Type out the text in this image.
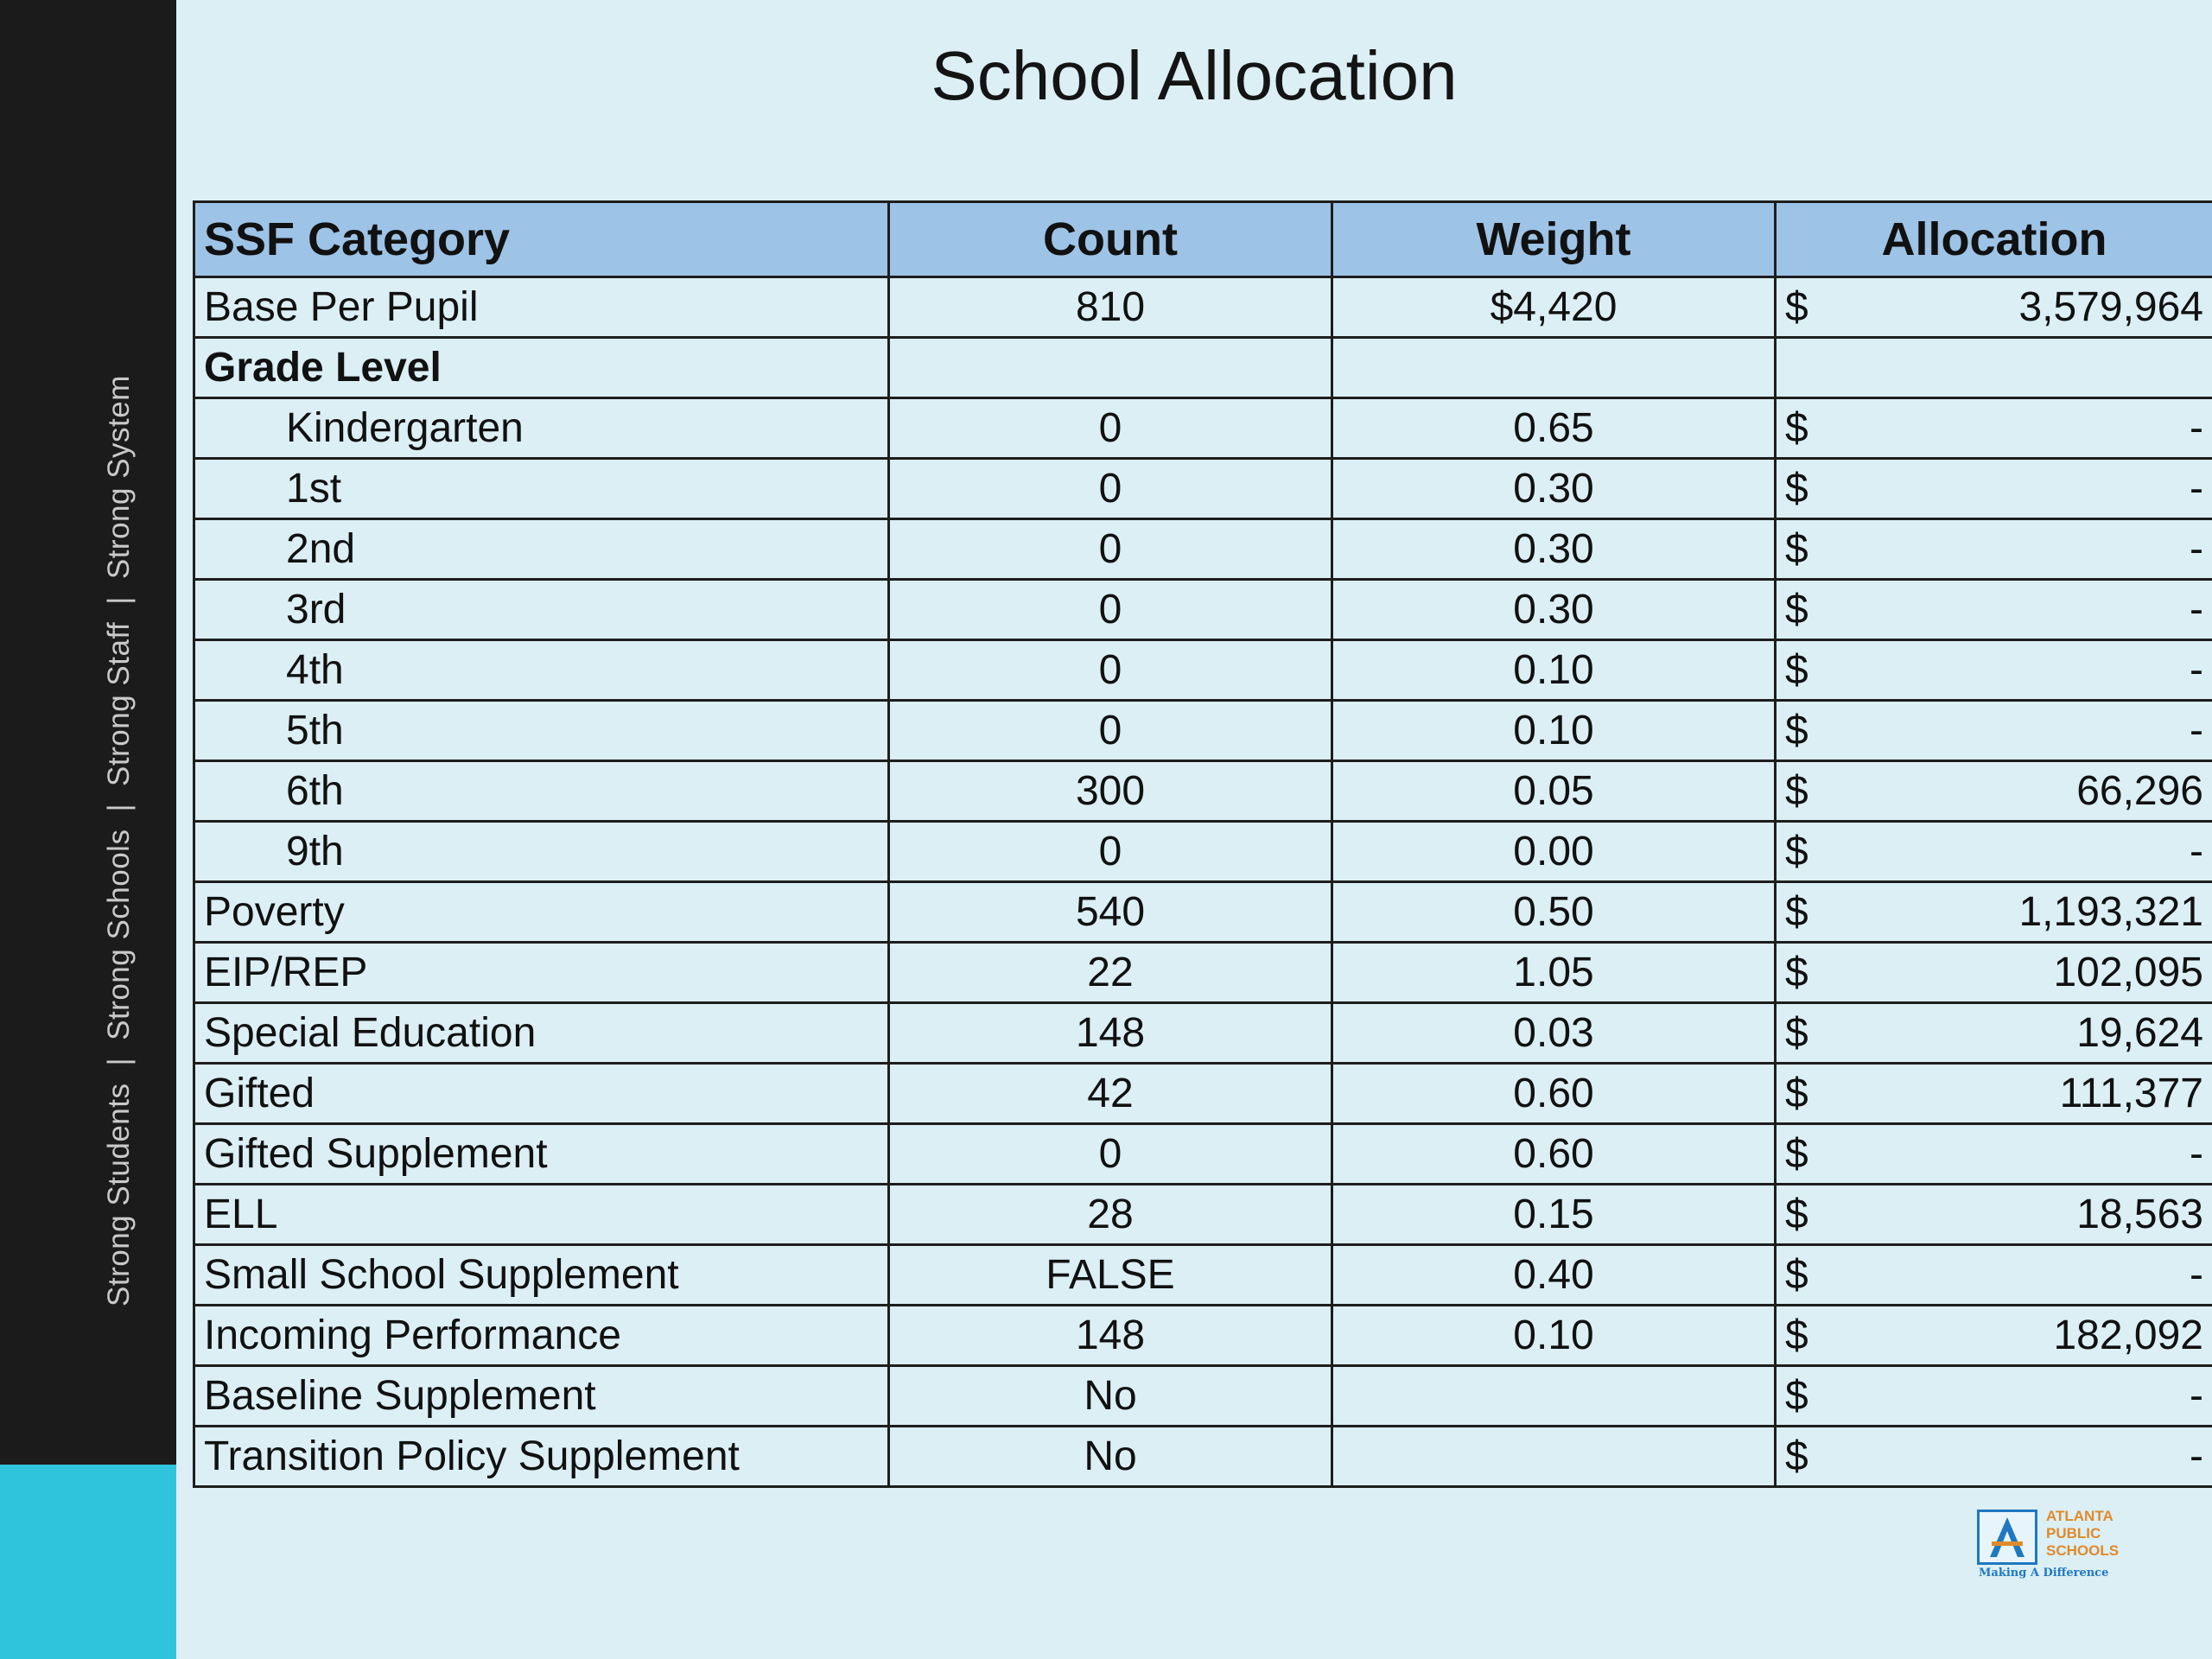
Strong Students|Strong Schools|Strong Staff|Strong System
School Allocation
SSF Category	Count	Weight	Allocation
Base Per Pupil	810	$4,420	$ 3,579,964

Grade Level			

Kindergarten	0	0.65	$ -

1st	0	0.30	$ -

2nd	0	0.30	$ -

3rd	0	0.30	$ -

4th	0	0.10	$ -

5th	0	0.10	$ -

6th	300	0.05	$ 66,296

9th	0	0.00	$ -

Poverty	540	0.50	$ 1,193,321

EIP/REP	22	1.05	$ 102,095

Special Education	148	0.03	$ 19,624

Gifted	42	0.60	$ 111,377

Gifted Supplement	0	0.60	$ -

ELL	28	0.15	$ 18,563

Small School Supplement	FALSE	0.40	$ -

Incoming Performance	148	0.10	$ 182,092

Baseline Supplement	No		$ -

Transition Policy Supplement	No		$ -
ATLANTA
PUBLIC
SCHOOLS
Making A Difference
